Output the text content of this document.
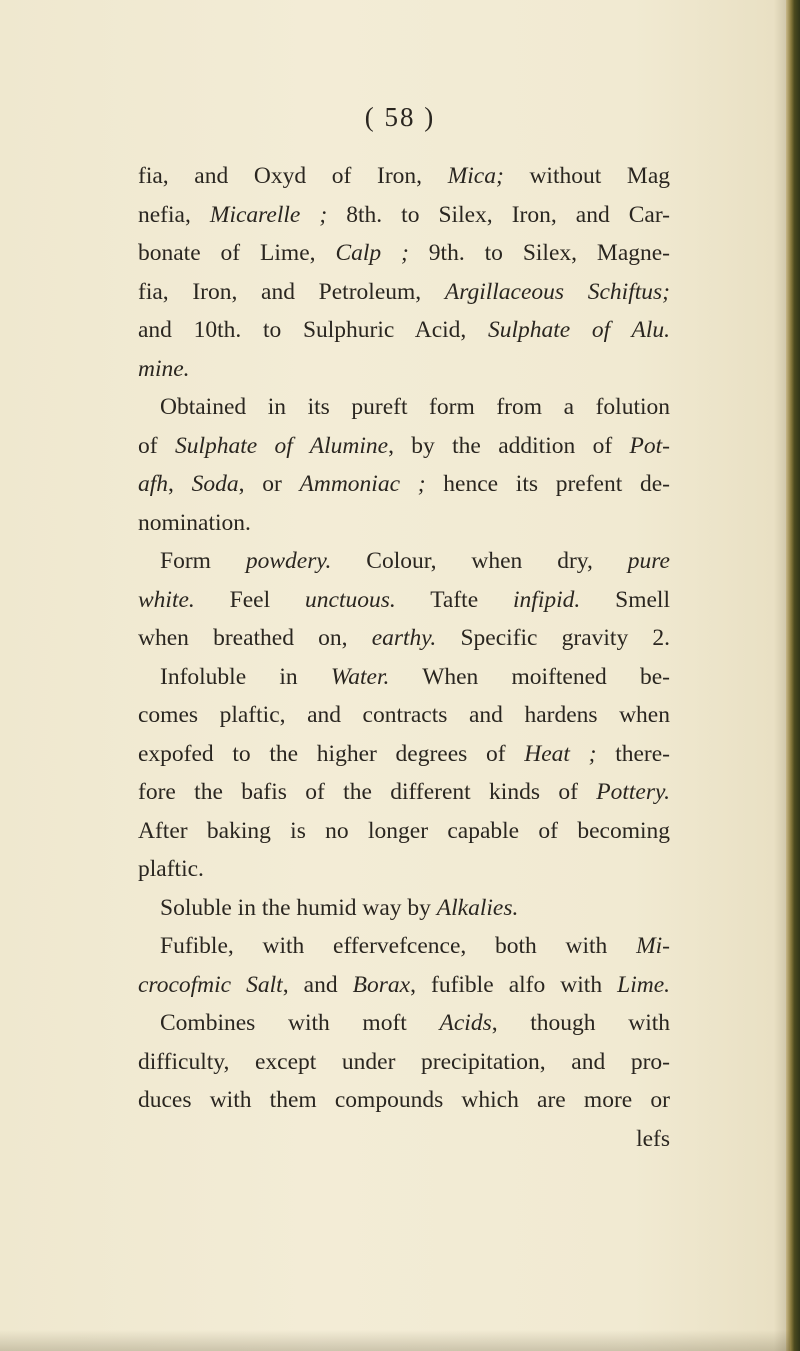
( 58 )
fia, and Oxyd of Iron, Mica; without Mag
nefia, Micarelle ; 8th. to Silex, Iron, and Car-
bonate of Lime, Calp ; 9th. to Silex, Magne-
fia, Iron, and Petroleum, Argillaceous Schiftus;
and 10th. to Sulphuric Acid, Sulphate of Alu.
mine.
Obtained in its pureft form from a folution
of Sulphate of Alumine, by the addition of Pot-
afh, Soda, or Ammoniac ; hence its prefent de-
nomination.
Form powdery. Colour, when dry, pure
white. Feel unctuous. Tafte infipid. Smell
when breathed on, earthy. Specific gravity 2.
Infoluble in Water. When moiftened be-
comes plaftic, and contracts and hardens when
expofed to the higher degrees of Heat ; there-
fore the bafis of the different kinds of Pottery.
After baking is no longer capable of becoming
plaftic.
Soluble in the humid way by Alkalies.
Fufible, with effervefcence, both with Mi-
crocofmic Salt, and Borax, fufible alfo with Lime.
Combines with moft Acids, though with
difficulty, except under precipitation, and pro-
duces with them compounds which are more or
lefs
